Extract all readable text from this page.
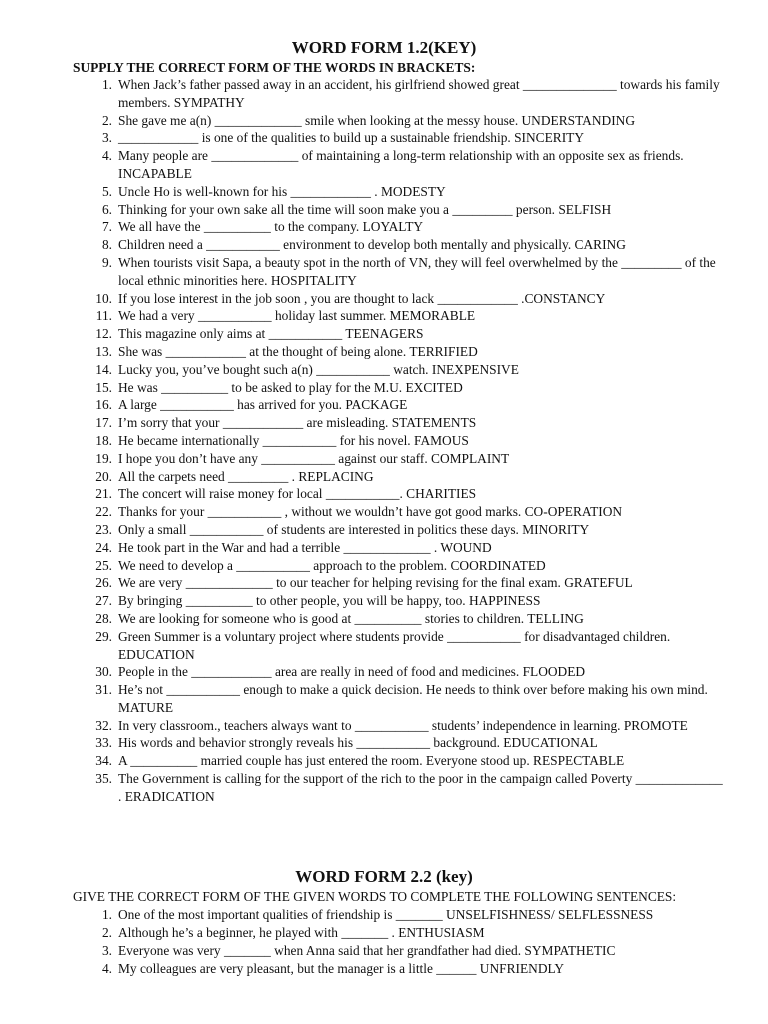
WORD FORM 1.2(KEY)
SUPPLY THE CORRECT FORM OF THE WORDS IN BRACKETS:
1. When Jack’s father passed away in an accident, his girlfriend showed great ______________ towards his family members. SYMPATHY
2. She gave me a(n) _____________ smile when looking at the messy house. UNDERSTANDING
3. ____________ is one of the qualities to build up a sustainable friendship. SINCERITY
4. Many people are _____________ of maintaining a long-term relationship with an opposite sex as friends. INCAPABLE
5. Uncle Ho is well-known for his ____________ . MODESTY
6. Thinking for your own sake all the time will soon make you a _________ person. SELFISH
7. We all have the __________ to the company. LOYALTY
8. Children need a ___________ environment to develop both mentally and physically. CARING
9. When tourists visit Sapa, a beauty spot in the north of VN, they will feel overwhelmed by the _________ of the local ethnic minorities here. HOSPITALITY
10. If you lose interest in the job soon , you are thought to lack ____________ .CONSTANCY
11. We had a very ___________ holiday last summer. MEMORABLE
12. This magazine only aims at ___________ TEENAGERS
13. She was ____________ at the thought of being alone. TERRIFIED
14. Lucky you, you’ve bought such a(n) ___________ watch. INEXPENSIVE
15. He was __________ to be asked to play for the M.U. EXCITED
16. A large ___________ has arrived for you. PACKAGE
17. I’m sorry that your ____________ are misleading. STATEMENTS
18. He became internationally ___________ for his novel. FAMOUS
19. I hope you don’t have any ___________ against our staff. COMPLAINT
20. All the carpets need _________ . REPLACING
21. The concert will raise money for local ___________. CHARITIES
22. Thanks for your ___________ , without we wouldn’t have got good marks. CO-OPERATION
23. Only a small ___________ of students are interested in politics these days. MINORITY
24. He took part in the War and had a terrible _____________ . WOUND
25. We need to develop a ___________ approach to the problem. COORDINATED
26. We are very _____________ to our teacher for helping revising for the final exam. GRATEFUL
27. By bringing __________ to other people, you will be happy, too. HAPPINESS
28. We are looking for someone who is good at __________ stories to children. TELLING
29. Green Summer is a voluntary project where students provide ___________ for disadvantaged children. EDUCATION
30. People in the ____________ area are really in need of food and medicines. FLOODED
31. He’s not ___________ enough to make a quick decision. He needs to think over before making his own mind. MATURE
32. In very classroom., teachers always want to ___________ students’ independence in learning. PROMOTE
33. His words and behavior strongly reveals his ___________ background. EDUCATIONAL
34. A __________ married couple has just entered the room. Everyone stood up. RESPECTABLE
35. The Government is calling for the support of the rich to the poor in the campaign called Poverty _____________ . ERADICATION
WORD FORM 2.2 (key)
GIVE THE CORRECT FORM OF THE GIVEN WORDS TO COMPLETE THE FOLLOWING SENTENCES:
1. One of the most important qualities of friendship is _______ UNSELFISHNESS/ SELFLESSNESS
2. Although he’s a beginner, he played with _______ . ENTHUSIASM
3. Everyone was very _______ when Anna said that her grandfather had died. SYMPATHETIC
4. My colleagues are very pleasant, but the manager is a little ______ UNFRIENDLY
